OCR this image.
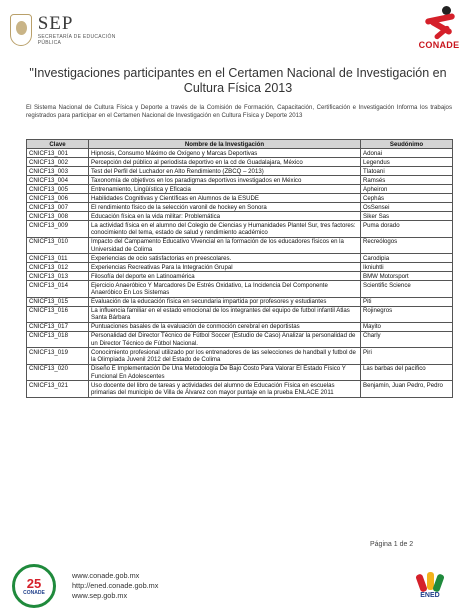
SEP
SECRETARÍA DE EDUCACIÓN PÚBLICA	CONADE
"Investigaciones participantes en el Certamen Nacional de Investigación en Cultura Física 2013
El Sistema Nacional de Cultura Física y Deporte a través de la Comisión de Formación, Capacitación, Certificación e Investigación Informa los trabajos registrados para participar en el Certamen Nacional de Investigación en Cultura Física y Deporte 2013
Clave	Nombre de la Investigación	Seudónimo
CNICF13_001	Hipnosis, Consumo Máximo de Oxígeno y Marcas Deportivas	Adonai
CNICF13_002	Percepción del público al periodista deportivo en la cd de Guadalajara, México	Legendus
CNICF13_003	Test del Perfil del Luchador en Alto Rendimiento (ZBCQ – 2013)	Tlatoani
CNICF13_004	Taxonomía de objetivos en los paradigmas deportivos investigados en México	Ramsés
CNICF13_005	Entrenamiento, Lingüística y Eficacia	Apheiron
CNICF13_006	Habilidades Cognitivas y Científicas en Alumnos de la ESUDE	Cephás
CNICF13_007	El rendimiento físico de la selección varonil de hockey en Sonora	OsSensei
CNICF13_008	Educación física en la vida militar: Problemática	Siker Sas
CNICF13_009	La actividad física en el alumno del Colegio de Ciencias y Humanidades Plantel Sur, tres factores: conocimiento del tema, estado de salud y rendimiento académico	Puma dorado
CNICF13_010	Impacto del Campamento Educativo Vivencial en la formación de los educadores físicos en la Universidad de Colima	Recreólogos
CNICF13_011	Experiencias de ocio satisfactorias en preescolares.	Carodipia
CNICF13_012	Experiencias Recreativas Para la Integración Grupal	Ikniuhtli
CNICF13_013	Filosofía del deporte en Latinoamérica	BMW Motorsport
CNICF13_014	Ejercicio Anaeróbico Y Marcadores De Estrés Oxidativo, La Incidencia Del Componente Anaeróbico En Los Sistemas	Scientific Science
CNICF13_015	Evaluación de la educación física en secundaria impartida por profesores y estudiantes	Piti
CNICF13_016	La influencia familiar en el estado emocional de los integrantes del equipo de futbol infantil Atlas Santa Bárbara	Rojinegros
CNICF13_017	Puntuaciones basales de la evaluación de conmoción cerebral en deportistas	Mayito
CNICF13_018	Personalidad del Director Técnico de Fútbol Soccer (Estudio de Caso) Analizar la personalidad de un Director Técnico de Fútbol Nacional.	Charly
CNICF13_019	Conocimiento profesional utilizado por los entrenadores de las selecciones de handball y futbol de la Olimpiada Juvenil 2012 del Estado de Colima	Piri
CNICF13_020	Diseño E Implementación De Una Metodología De Bajo Costo Para Valorar El Estado Físico Y Funcional En Adolescentes	Las barbas del pacífico
CNICF13_021	Uso docente del libro de tareas y actividades del alumno de Educación Física en escuelas primarias del municipio de Villa de Álvarez con mayor puntaje en la prueba ENLACE 2011	Benjamín, Juan Pedro, Pedro
Página 1 de 2
25
CONADE
www.conade.gob.mx
http://ened.conade.gob.mx
www.sep.gob.mx	ENED
